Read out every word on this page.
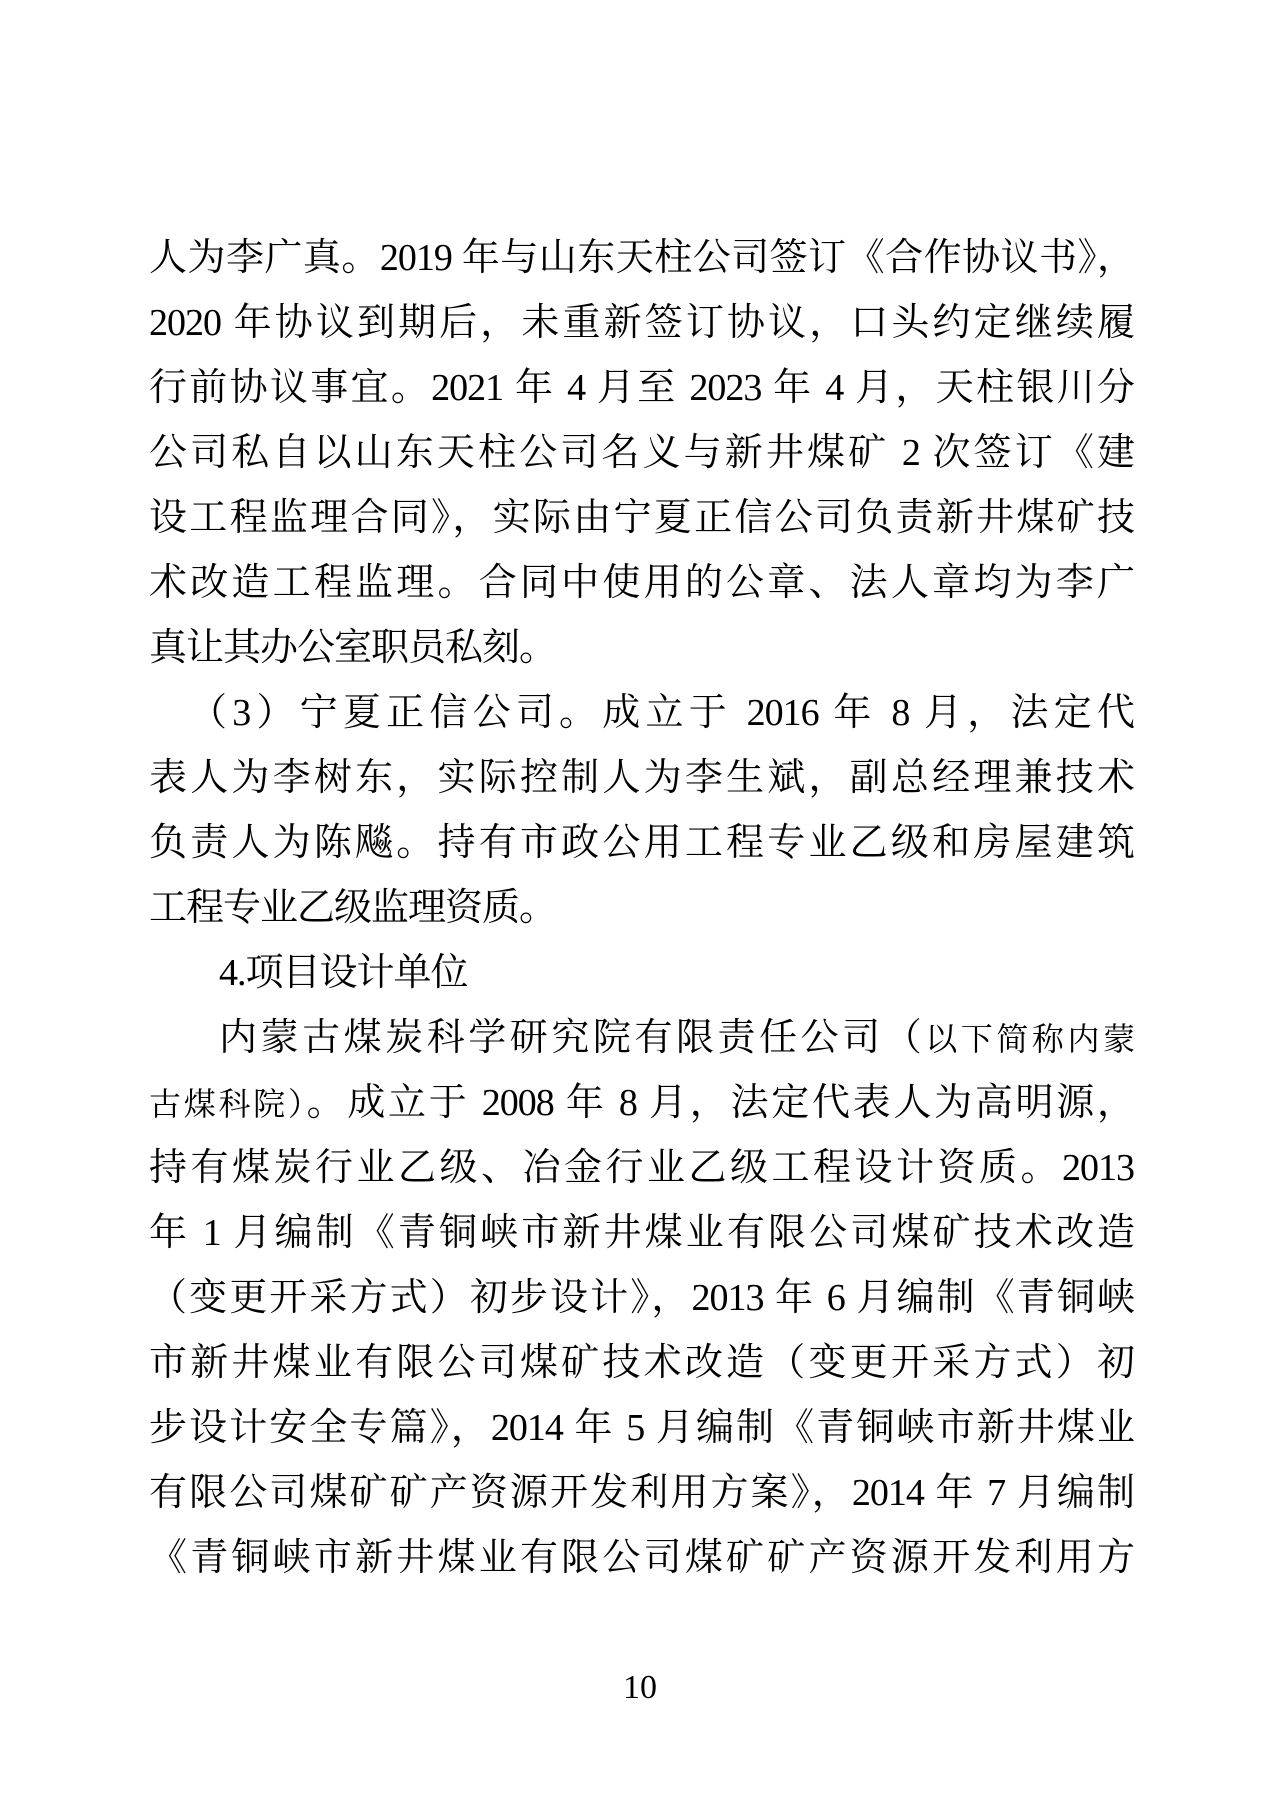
人为李广真。2019 年与山东天柱公司签订《合作协议书》，
2020 年协议到期后，未重新签订协议，口头约定继续履
行前协议事宜。2021 年 4 月至 2023 年 4 月，天柱银川分
公司私自以山东天柱公司名义与新井煤矿 2 次签订《建
设工程监理合同》，实际由宁夏正信公司负责新井煤矿技
术改造工程监理。合同中使用的公章、法人章均为李广
真让其办公室职员私刻。
（3）宁夏正信公司。成立于 2016 年 8 月，法定代
表人为李树东，实际控制人为李生斌，副总经理兼技术
负责人为陈飚。持有市政公用工程专业乙级和房屋建筑
工程专业乙级监理资质。
4.项目设计单位
内蒙古煤炭科学研究院有限责任公司（以下简称内蒙
古煤科院）。成立于 2008 年 8 月，法定代表人为高明源，
持有煤炭行业乙级、冶金行业乙级工程设计资质。2013
年 1 月编制《青铜峡市新井煤业有限公司煤矿技术改造
（变更开采方式）初步设计》，2013 年 6 月编制《青铜峡
市新井煤业有限公司煤矿技术改造（变更开采方式）初
步设计安全专篇》，2014 年 5 月编制《青铜峡市新井煤业
有限公司煤矿矿产资源开发利用方案》，2014 年 7 月编制
《青铜峡市新井煤业有限公司煤矿矿产资源开发利用方
10
